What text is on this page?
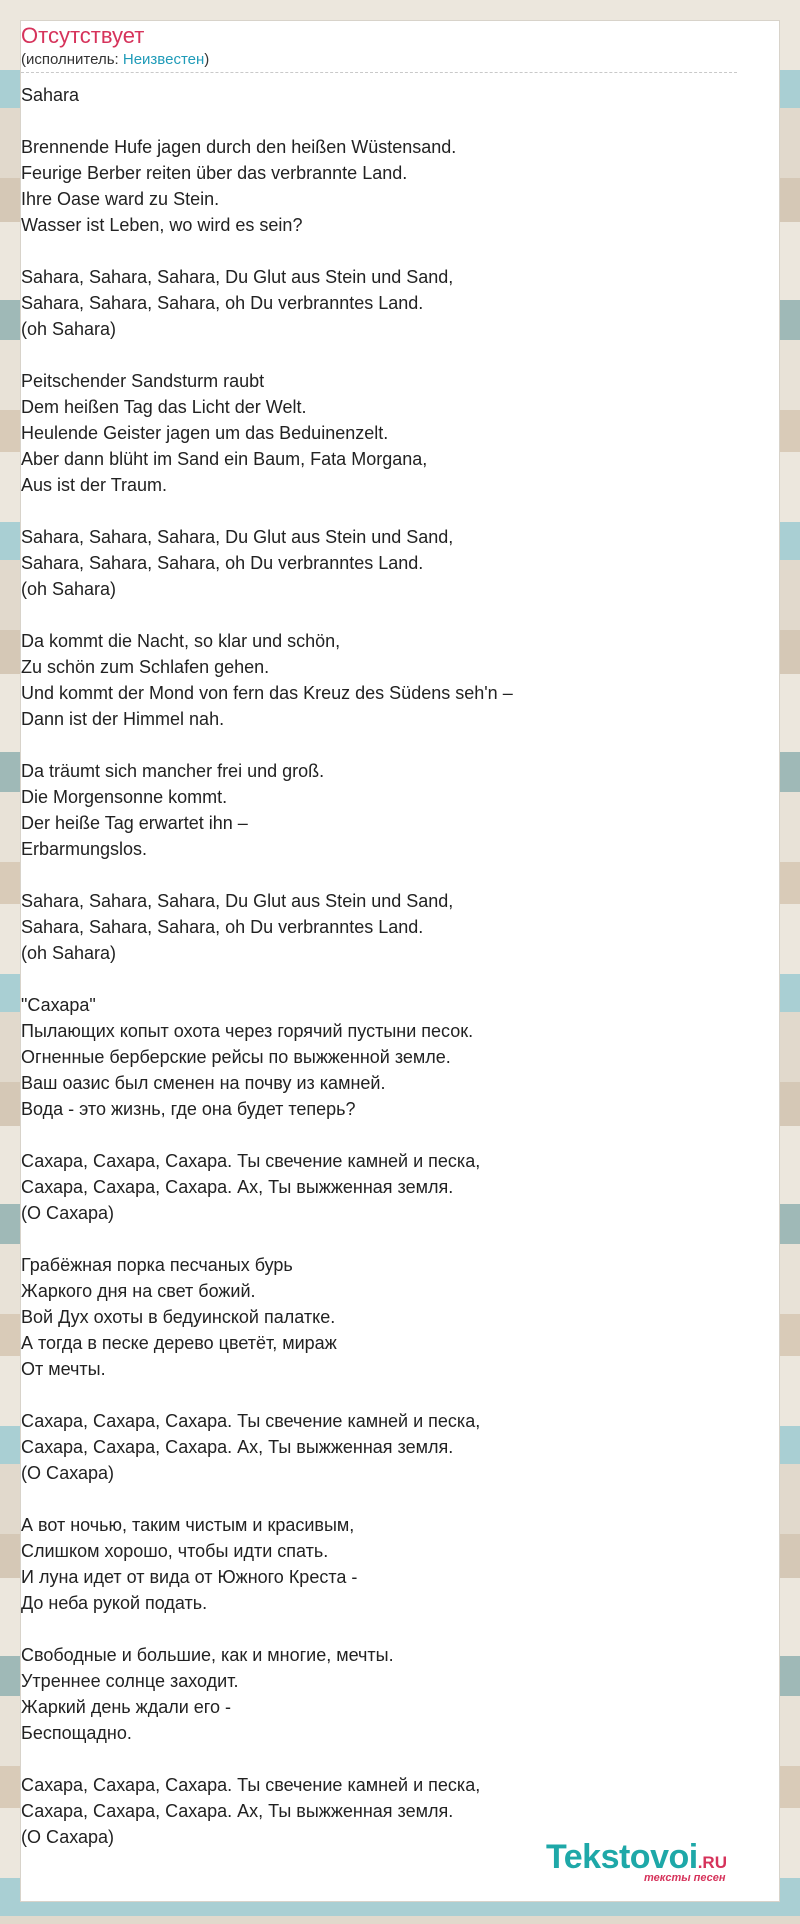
Отсутствует
(исполнитель: Неизвестен)
Sahara
Brennende Hufe jagen durch den heißen Wüstensand.
Feurige Berber reiten über das verbrannte Land.
Ihre Oase ward zu Stein.
Wasser ist Leben, wo wird es sein?
Sahara, Sahara, Sahara, Du Glut aus Stein und Sand,
Sahara, Sahara, Sahara, oh Du verbranntes Land.
(oh Sahara)
Peitschender Sandsturm raubt
Dem heißen Tag das Licht der Welt.
Heulende Geister jagen um das Beduinenzelt.
Aber dann blüht im Sand ein Baum, Fata Morgana,
Aus ist der Traum.
Sahara, Sahara, Sahara, Du Glut aus Stein und Sand,
Sahara, Sahara, Sahara, oh Du verbranntes Land.
(oh Sahara)
Da kommt die Nacht, so klar und schön,
Zu schön zum Schlafen gehen.
Und kommt der Mond von fern das Kreuz des Südens seh'n –
Dann ist der Himmel nah.
Da träumt sich mancher frei und groß.
Die Morgensonne kommt.
Der heiße Tag erwartet ihn –
Erbarmungslos.
Sahara, Sahara, Sahara, Du Glut aus Stein und Sand,
Sahara, Sahara, Sahara, oh Du verbranntes Land.
(oh Sahara)
"Сахара"
Пылающих копыт охота через горячий пустыни песок.
Огненные берберские рейсы по выжженной земле.
Ваш оазис был сменен на почву из камней.
Вода - это жизнь, где она будет теперь?
Сахара, Сахара, Сахара. Ты свечение камней и песка,
Сахара, Сахара, Сахара. Ах, Ты выжженная земля.
(О Сахара)
Грабёжная порка песчаных бурь
Жаркого дня на свет божий.
Вой Дух охоты в бедуинской палатке.
А тогда в песке дерево цветёт, мираж
От мечты.
Сахара, Сахара, Сахара. Ты свечение камней и песка,
Сахара, Сахара, Сахара. Ах, Ты выжженная земля.
(О Сахара)
А вот ночью, таким чистым и красивым,
Слишком хорошо, чтобы идти спать.
И луна идет от вида от Южного Креста -
До неба рукой подать.
Свободные и большие, как и многие, мечты.
Утреннее солнце заходит.
Жаркий день ждали его -
Беспощадно.
Сахара, Сахара, Сахара. Ты свечение камней и песка,
Сахара, Сахара, Сахара. Ах, Ты выжженная земля.
(О Сахара)
Tekstovoi.RU
тексты песен
